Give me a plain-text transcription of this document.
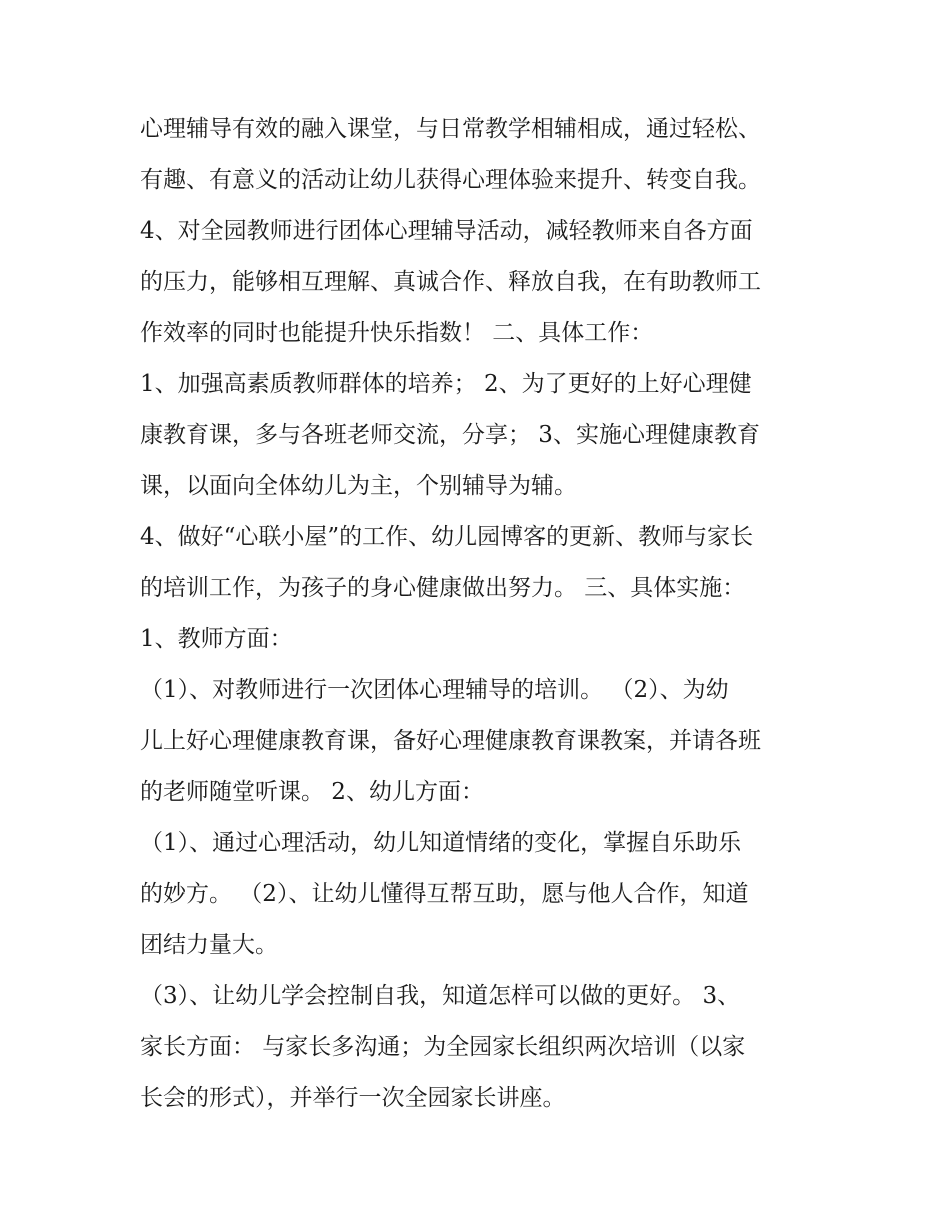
心理辅导有效的融入课堂，与日常教学相辅相成，通过轻松、
有趣、有意义的活动让幼儿获得心理体验来提升、转变自我。
4、对全园教师进行团体心理辅导活动，减轻教师来自各方面
的压力，能够相互理解、真诚合作、释放自我，在有助教师工
作效率的同时也能提升快乐指数！ 二、具体工作：
1、加强高素质教师群体的培养； 2、为了更好的上好心理健
康教育课，多与各班老师交流，分享； 3、实施心理健康教育
课，以面向全体幼儿为主，个别辅导为辅。
4、做好“心联小屋”的工作、幼儿园博客的更新、教师与家长
的培训工作，为孩子的身心健康做出努力。 三、具体实施：
1、教师方面：
（1）、对教师进行一次团体心理辅导的培训。 （2）、为幼
儿上好心理健康教育课，备好心理健康教育课教案，并请各班
的老师随堂听课。 2、幼儿方面：
（1）、通过心理活动，幼儿知道情绪的变化，掌握自乐助乐
的妙方。 （2）、让幼儿懂得互帮互助，愿与他人合作，知道
团结力量大。
（3）、让幼儿学会控制自我，知道怎样可以做的更好。 3、
家长方面： 与家长多沟通；为全园家长组织两次培训（以家
长会的形式），并举行一次全园家长讲座。
